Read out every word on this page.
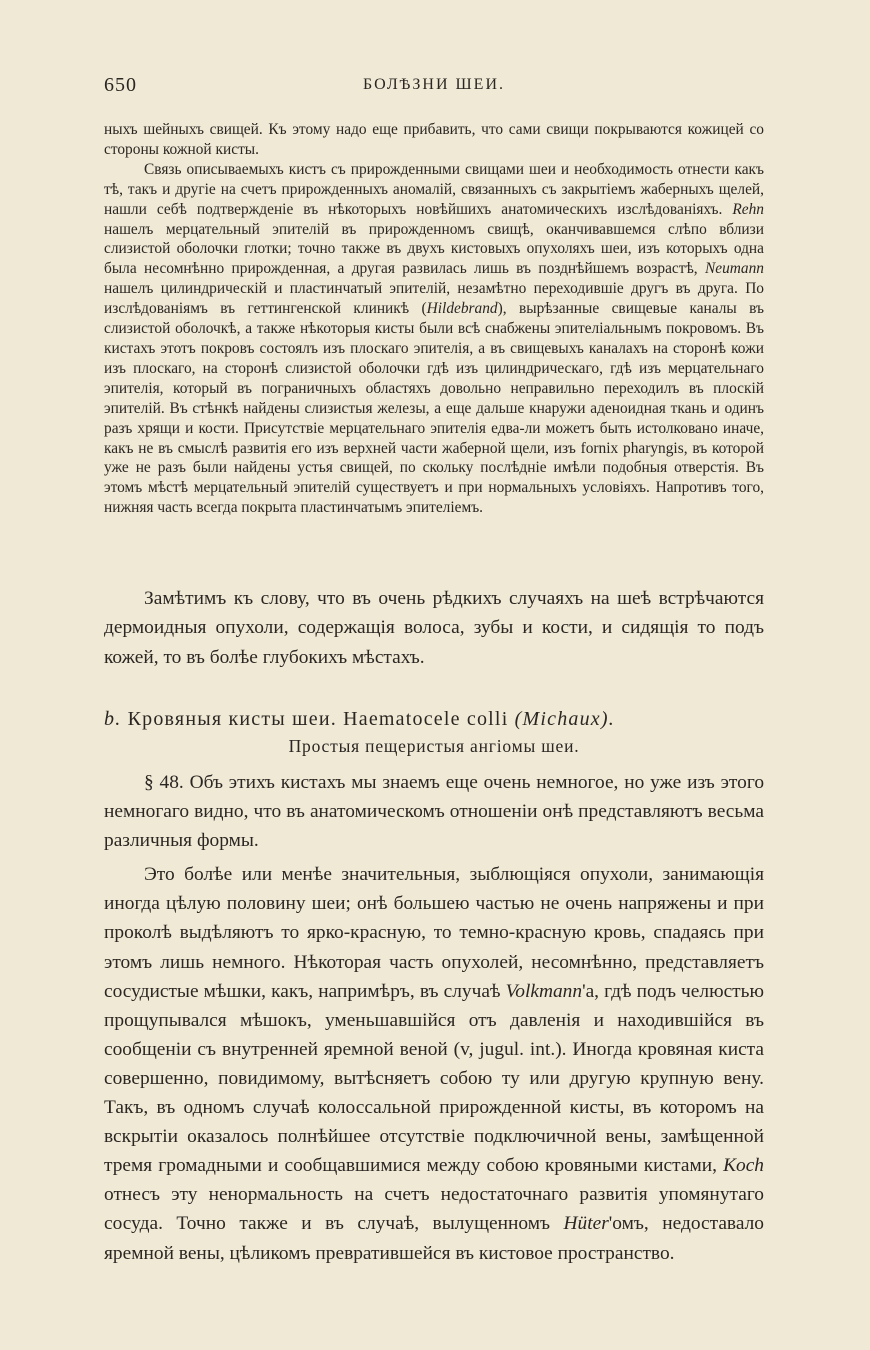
650	БОЛѢЗНИ ШЕИ.

ныхъ шейныхъ свищей. Къ этому надо еще прибавить, что сами свищи покрываются кожицей со стороны кожной кисты.

Связь описываемыхъ кистъ съ прирожденными свищами шеи и необходимость отнести какъ тѣ, такъ и другіе на счетъ прирожденныхъ аномалій, связанныхъ съ закрытіемъ жаберныхъ щелей, нашли себѣ подтвержденіе въ нѣкоторыхъ новѣйшихъ анатомическихъ изслѣдованіяхъ. Rehn нашелъ мерцательный эпителій въ прирожденномъ свищѣ, оканчивавшемся слѣпо вблизи слизистой оболочки глотки; точно также въ двухъ кистовыхъ опухоляхъ шеи, изъ которыхъ одна была несомнѣнно прирожденная, а другая развилась лишь въ позднѣйшемъ возрастѣ, Neumann нашелъ цилиндрическій и пластинчатый эпителій, незамѣтно переходившіе другъ въ друга. По изслѣдованіямъ въ геттингенской клиникѣ (Hildebrand), вырѣзанные свищевые каналы въ слизистой оболочкѣ, а также нѣкоторыя кисты были всѣ снабжены эпителіальнымъ покровомъ. Въ кистахъ этотъ покровъ состоялъ изъ плоскаго эпителія, а въ свищевыхъ каналахъ на сторонѣ кожи изъ плоскаго, на сторонѣ слизистой оболочки гдѣ изъ цилиндрическаго, гдѣ изъ мерцательнаго эпителія, который въ пограничныхъ областяхъ довольно неправильно переходилъ въ плоскій эпителій. Въ стѣнкѣ найдены слизистыя железы, а еще дальше кнаружи аденоидная ткань и одинъ разъ хрящи и кости. Присутствіе мерцательнаго эпителія едва-ли можетъ быть истолковано иначе, какъ не въ смыслѣ развитія его изъ верхней части жаберной щели, изъ fornix pharyngis, въ которой уже не разъ были найдены устья свищей, по скольку послѣдніе имѣли подобныя отверстія. Въ этомъ мѣстѣ мерцательный эпителій существуетъ и при нормальныхъ условіяхъ. Напротивъ того, нижняя часть всегда покрыта пластинчатымъ эпителіемъ.

Замѣтимъ къ слову, что въ очень рѣдкихъ случаяхъ на шеѣ встрѣчаются дермоидныя опухоли, содержащія волоса, зубы и кости, и сидящія то подъ кожей, то въ болѣе глубокихъ мѣстахъ.

b. Кровяныя кисты шеи. Haematocele colli (Michaux).
Простыя пещеристыя ангіомы шеи.

§ 48. Объ этихъ кистахъ мы знаемъ еще очень немногое, но уже изъ этого немногаго видно, что въ анатомическомъ отношеніи онѣ представляютъ весьма различныя формы.

Это болѣе или менѣе значительныя, зыблющіяся опухоли, занимающія иногда цѣлую половину шеи; онѣ большею частью не очень напряжены и при проколѣ выдѣляютъ то ярко-красную, то темно-красную кровь, спадаясь при этомъ лишь немного. Нѣкоторая часть опухолей, несомнѣнно, представляетъ сосудистые мѣшки, какъ, напримѣръ, въ случаѣ Volkmann'а, гдѣ подъ челюстью прощупывался мѣшокъ, уменьшавшійся отъ давленія и находившійся въ сообщеніи съ внутренней яремной веной (v, jugul. int.). Иногда кровяная киста совершенно, повидимому, вытѣсняетъ собою ту или другую крупную вену. Такъ, въ одномъ случаѣ колоссальной прирожденной кисты, въ которомъ на вскрытіи оказалось полнѣйшее отсутствіе подключичной вены, замѣщенной тремя громадными и сообщавшимися между собою кровяными кистами, Koch отнесъ эту ненормальность на счетъ недостаточнаго развитія упомянутаго сосуда. Точно также и въ случаѣ, вылущенномъ Hüter'омъ, недоставало яремной вены, цѣликомъ превратившейся въ кистовое пространство.
